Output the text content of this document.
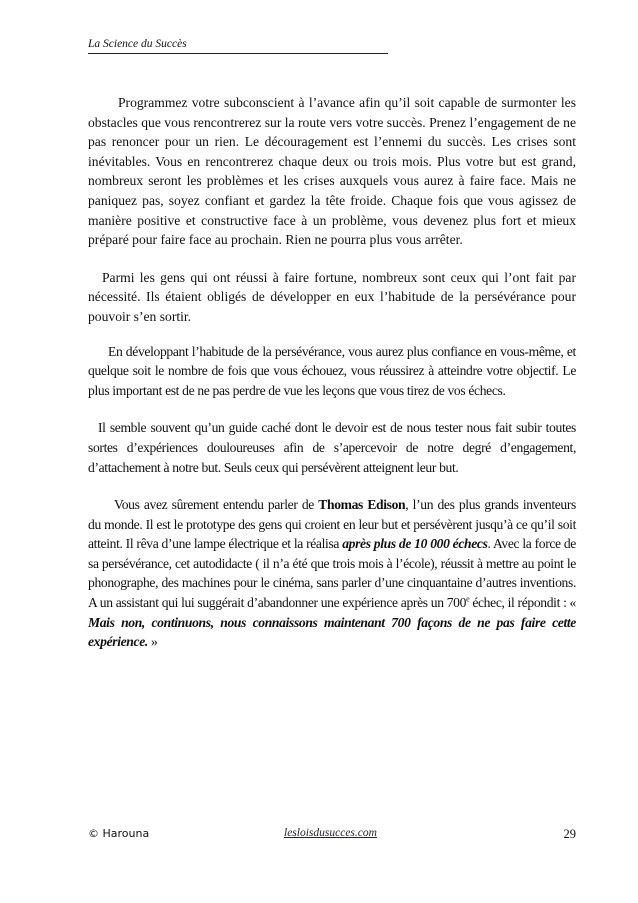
La Science du Succès

Programmez votre subconscient à l’avance afin qu’il soit capable de surmonter les obstacles que vous rencontrerez sur la route vers votre succès. Prenez l’engagement de ne pas renoncer pour un rien. Le découragement est l’ennemi du succès. Les crises sont inévitables. Vous en rencontrerez chaque deux ou trois mois. Plus votre but est grand, nombreux seront les problèmes et les crises auxquels vous aurez à faire face. Mais ne paniquez pas, soyez confiant et gardez la tête froide. Chaque fois que vous agissez de manière positive et constructive face à un problème, vous devenez plus fort et mieux préparé pour faire face au prochain. Rien ne pourra plus vous arrêter.

Parmi les gens qui ont réussi à faire fortune, nombreux sont ceux qui l’ont fait par nécessité. Ils étaient obligés de développer en eux l’habitude de la persévérance pour pouvoir s’en sortir.

En développant l’habitude de la persévérance, vous aurez plus confiance en vous-même, et quelque soit le nombre de fois que vous échouez, vous réussirez à atteindre votre objectif. Le plus important est de ne pas perdre de vue les leçons que vous tirez de vos échecs.

Il semble souvent qu’un guide caché dont le devoir est de nous tester nous fait subir toutes sortes d’expériences douloureuses afin de s’apercevoir de notre degré d’engagement, d’attachement à notre but. Seuls ceux qui persévèrent atteignent leur but.

Vous avez sûrement entendu parler de Thomas Edison, l’un des plus grands inventeurs du monde. Il est le prototype des gens qui croient en leur but et persévèrent jusqu’à ce qu’il soit atteint. Il rêva d’une lampe électrique et la réalisa après plus de 10 000 échecs. Avec la force de sa persévérance, cet autodidacte ( il n’a été que trois mois à l’école), réussit à mettre au point le phonographe, des machines pour le cinéma, sans parler d’une cinquantaine d’autres inventions. A un assistant qui lui suggérait d’abandonner une expérience après un 700e échec, il répondit : « Mais non, continuons, nous connaissons maintenant 700 façons de ne pas faire cette expérience. »

© Harouna	lesloisdusucces.com	29
